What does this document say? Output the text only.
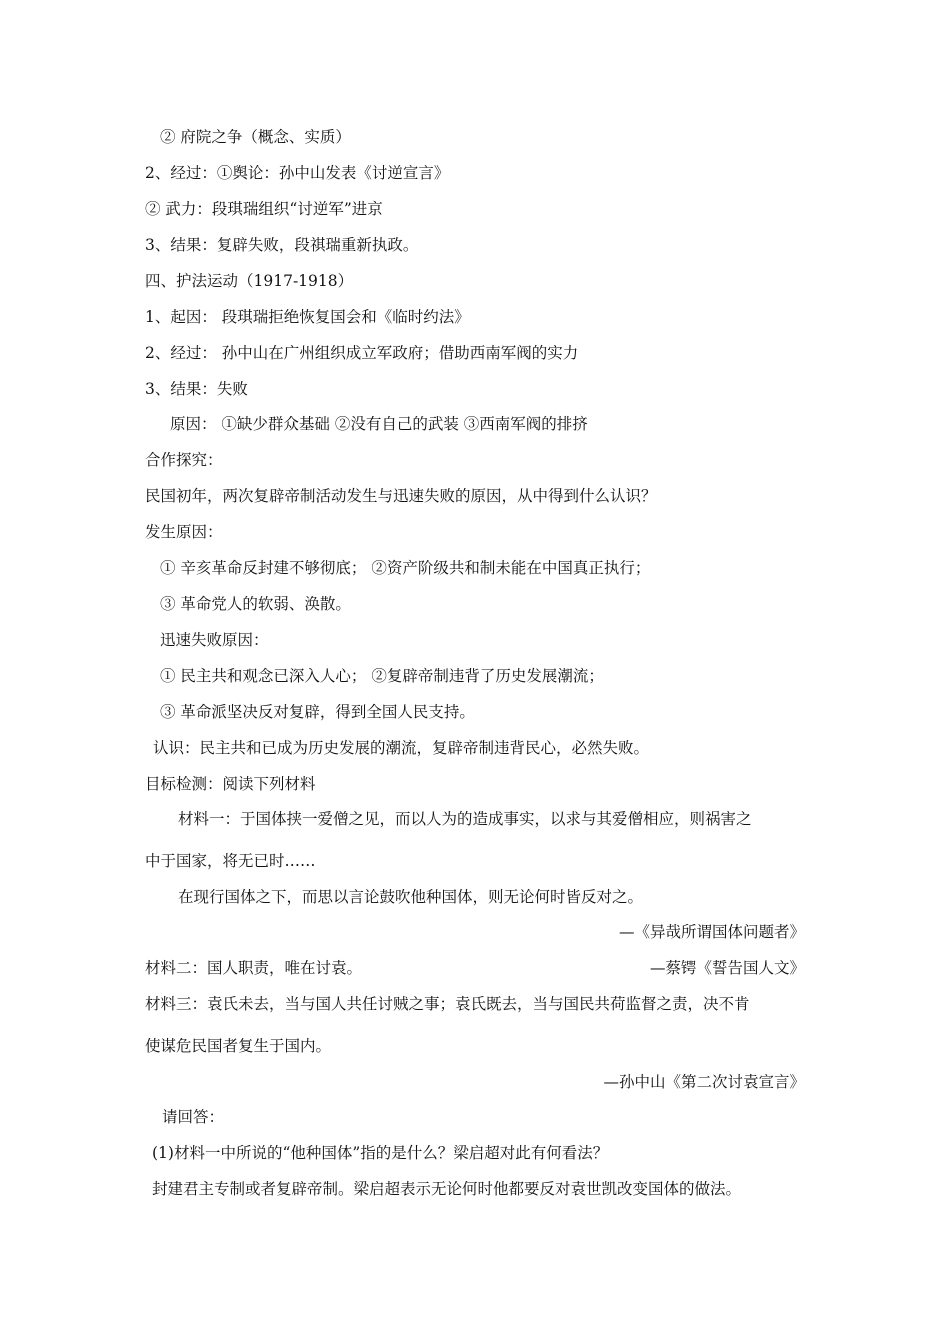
② 府院之争（概念、实质）
2、经过：①舆论：孙中山发表《讨逆宣言》
② 武力：段琪瑞组织“讨逆军”进京
3、结果：复辟失败，段祺瑞重新执政。
四、护法运动（1917-1918）
1、起因： 段琪瑞拒绝恢复国会和《临时约法》
2、经过： 孙中山在广州组织成立军政府；借助西南军阀的实力
3、结果：失败
原因： ①缺少群众基础 ②没有自己的武装 ③西南军阀的排挤
合作探究：
民国初年，两次复辟帝制活动发生与迅速失败的原因，从中得到什么认识？
发生原因：
① 辛亥革命反封建不够彻底； ②资产阶级共和制未能在中国真正执行；
③ 革命党人的软弱、涣散。
迅速失败原因：
① 民主共和观念已深入人心； ②复辟帝制违背了历史发展潮流；
③ 革命派坚决反对复辟，得到全国人民支持。
认识：民主共和已成为历史发展的潮流，复辟帝制违背民心，必然失败。
目标检测：阅读下列材料
材料一：于国体挟一爱僧之见，而以人为的造成事实，以求与其爱僧相应，则祸害之
中于国家，将无已时……
在现行国体之下，而思以言论鼓吹他种国体，则无论何时皆反对之。
—《异哉所谓国体问题者》
材料二：国人职责，唯在讨袁。	—蔡锷《誓告国人文》
材料三：袁氏未去，当与国人共任讨贼之事；袁氏既去，当与国民共荷监督之责，决不肯
使谋危民国者复生于国内。
—孙中山《第二次讨袁宣言》
请回答：
(1)材料一中所说的“他种国体”指的是什么？梁启超对此有何看法？
封建君主专制或者复辟帝制。梁启超表示无论何时他都要反对袁世凯改变国体的做法。
